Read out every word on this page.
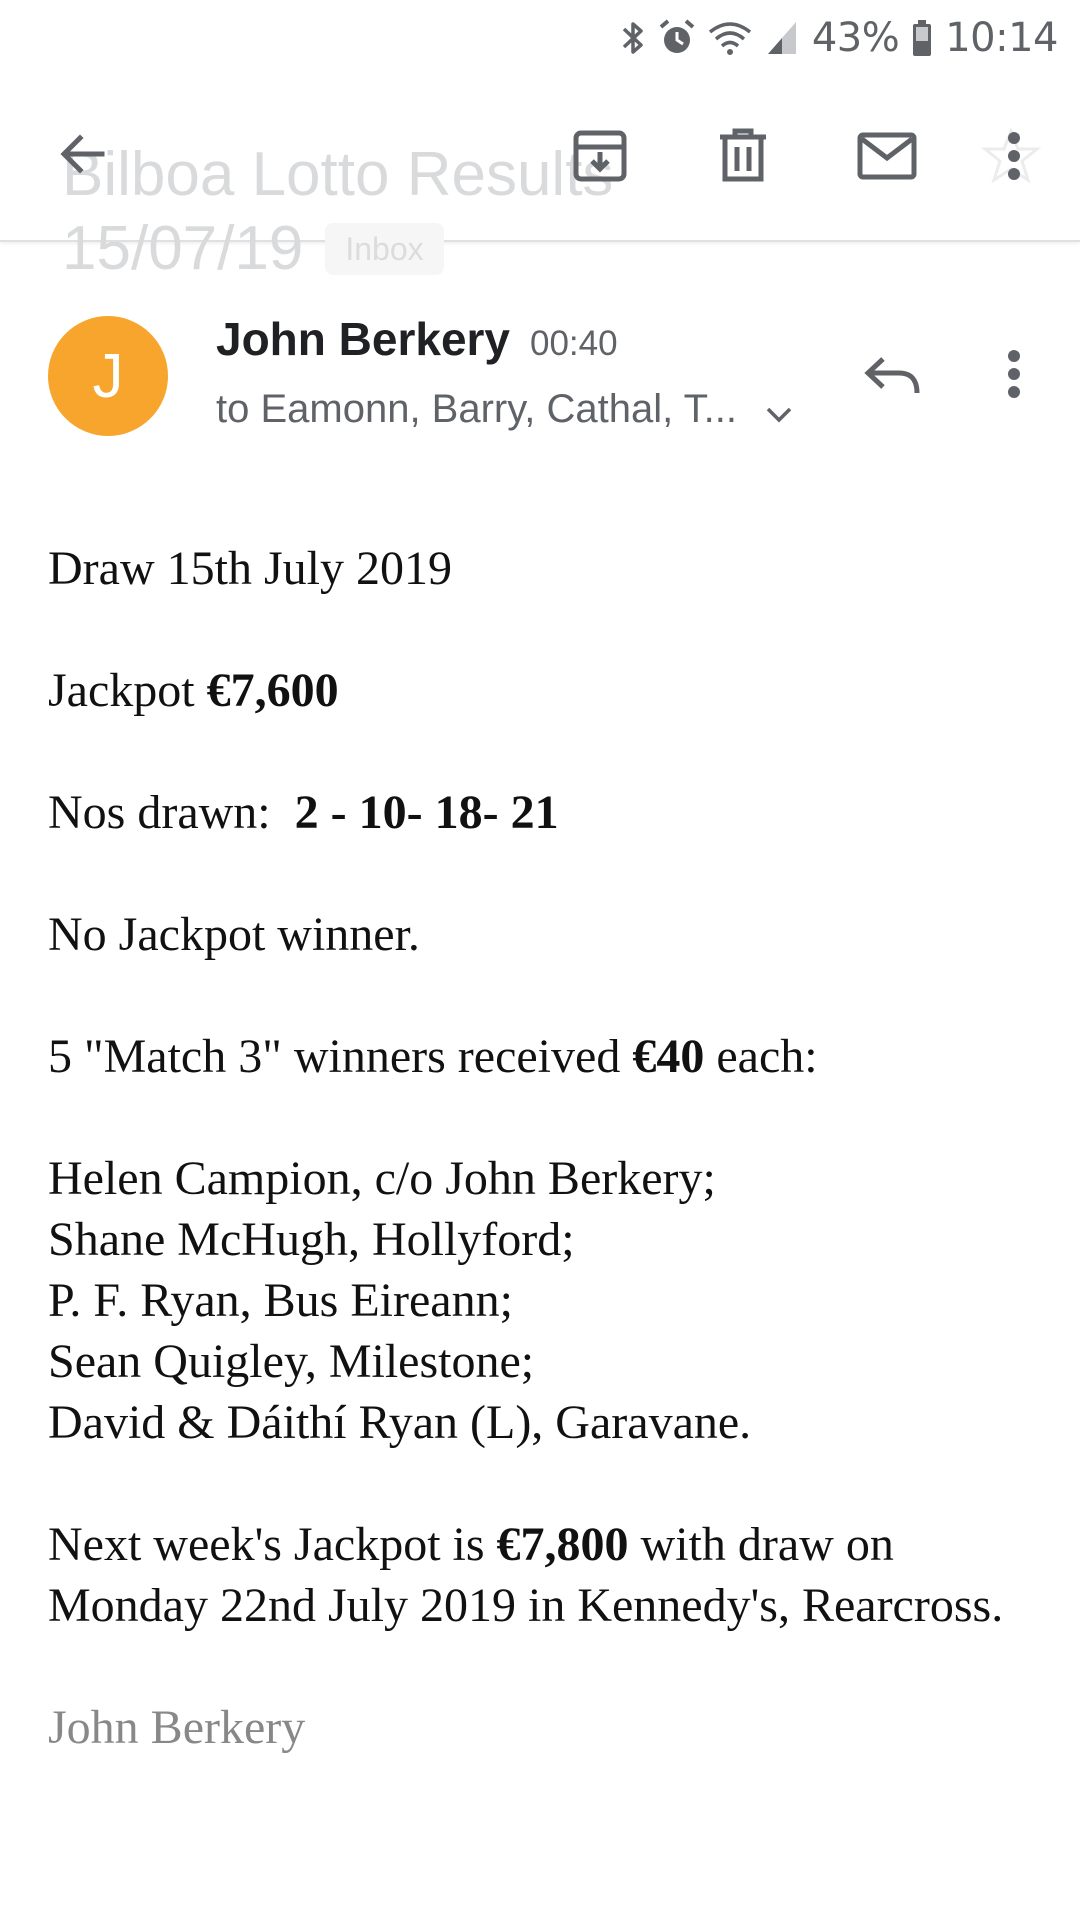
43% 10:14
Bilboa Lotto Results
15/07/19	Inbox
J
John Berkery 00:40
to Eamonn, Barry, Cathal, T...

Draw 15th July 2019

Jackpot €7,600

Nos drawn:  2 - 10- 18- 21

No Jackpot winner.

5 "Match 3" winners received €40 each:

Helen Campion, c/o John Berkery;

Shane McHugh, Hollyford;

P. F. Ryan, Bus Eireann;

Sean Quigley, Milestone;

David & Dáithí Ryan (L), Garavane.

Next week's Jackpot is €7,800 with draw on Monday 22nd July 2019 in Kennedy's, Rearcross.

John Berkery
